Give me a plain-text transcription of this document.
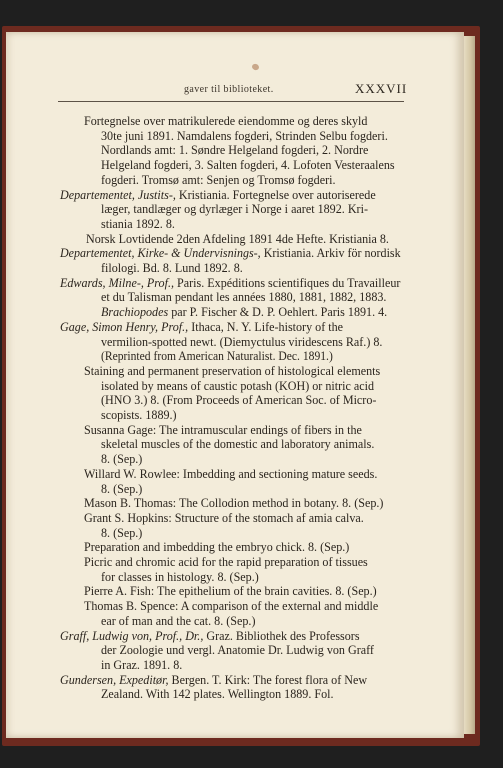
gaver til biblioteket.	XXXVII
Fortegnelse over matrikulerede eiendomme og deres skyld
30te juni 1891. Namdalens fogderi, Strinden Selbu fogderi.
Nordlands amt: 1. Søndre Helgeland fogderi, 2. Nordre
Helgeland fogderi, 3. Salten fogderi, 4. Lofoten Vesteraalens
fogderi. Tromsø amt: Senjen og Tromsø fogderi.
Departementet, Justits-, Kristiania. Fortegnelse over autoriserede
læger, tandlæger og dyrlæger i Norge i aaret 1892. Kri-
stiania 1892. 8.
Norsk Lovtidende 2den Afdeling 1891 4de Hefte. Kristiania 8.
Departementet, Kirke- & Undervisnings-, Kristiania. Arkiv för nordisk
filologi. Bd. 8. Lund 1892. 8.
Edwards, Milne-, Prof., Paris. Expéditions scientifiques du Travailleur
et du Talisman pendant les années 1880, 1881, 1882, 1883.
Brachiopodes par P. Fischer & D. P. Oehlert. Paris 1891. 4.
Gage, Simon Henry, Prof., Ithaca, N. Y. Life-history of the
vermilion-spotted newt. (Diemyctulus viridescens Raf.) 8.
(Reprinted from American Naturalist. Dec. 1891.)
Staining and permanent preservation of histological elements
isolated by means of caustic potash (KOH) or nitric acid
(HNO 3.) 8. (From Proceeds of American Soc. of Micro-
scopists. 1889.)
Susanna Gage: The intramuscular endings of fibers in the
skeletal muscles of the domestic and laboratory animals.
8. (Sep.)
Willard W. Rowlee: Imbedding and sectioning mature seeds.
8. (Sep.)
Mason B. Thomas: The Collodion method in botany. 8. (Sep.)
Grant S. Hopkins: Structure of the stomach af amia calva.
8. (Sep.)
Preparation and imbedding the embryo chick. 8. (Sep.)
Picric and chromic acid for the rapid preparation of tissues
for classes in histology. 8. (Sep.)
Pierre A. Fish: The epithelium of the brain cavities. 8. (Sep.)
Thomas B. Spence: A comparison of the external and middle
ear of man and the cat. 8. (Sep.)
Graff, Ludwig von, Prof., Dr., Graz. Bibliothek des Professors
der Zoologie und vergl. Anatomie Dr. Ludwig von Graff
in Graz. 1891. 8.
Gundersen, Expeditør, Bergen. T. Kirk: The forest flora of New
Zealand. With 142 plates. Wellington 1889. Fol.
